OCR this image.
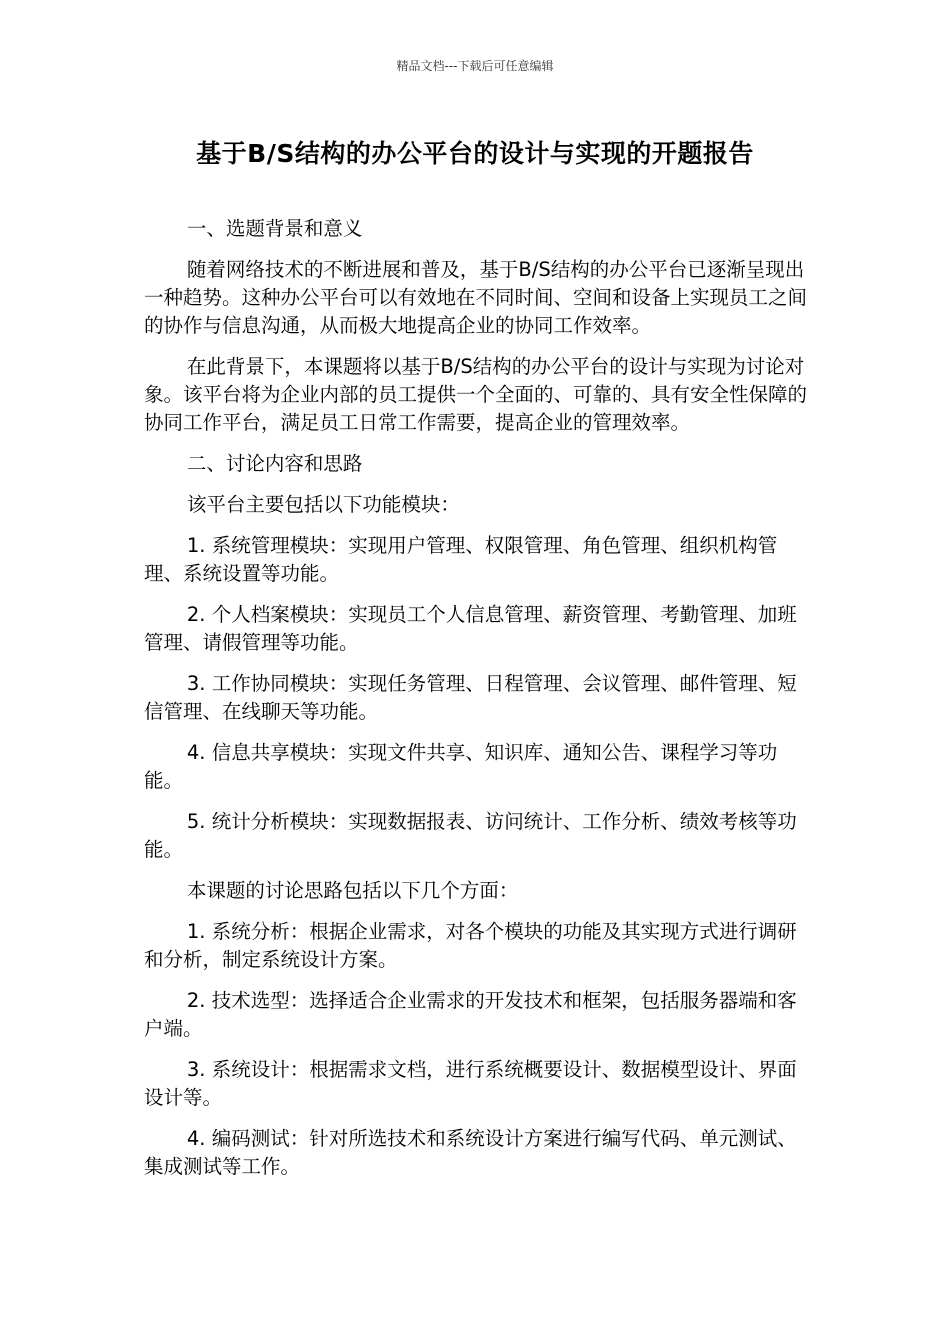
精品文档---下载后可任意编辑
基于B/S结构的办公平台的设计与实现的开题报告

一、选题背景和意义

随着网络技术的不断进展和普及，基于B/S结构的办公平台已逐渐呈现出一种趋势。这种办公平台可以有效地在不同时间、空间和设备上实现员工之间的协作与信息沟通，从而极大地提高企业的协同工作效率。

在此背景下，本课题将以基于B/S结构的办公平台的设计与实现为讨论对象。该平台将为企业内部的员工提供一个全面的、可靠的、具有安全性保障的协同工作平台，满足员工日常工作需要，提高企业的管理效率。

二、讨论内容和思路

该平台主要包括以下功能模块：

1. 系统管理模块：实现用户管理、权限管理、角色管理、组织机构管理、系统设置等功能。

2. 个人档案模块：实现员工个人信息管理、薪资管理、考勤管理、加班管理、请假管理等功能。

3. 工作协同模块：实现任务管理、日程管理、会议管理、邮件管理、短信管理、在线聊天等功能。

4. 信息共享模块：实现文件共享、知识库、通知公告、课程学习等功能。

5. 统计分析模块：实现数据报表、访问统计、工作分析、绩效考核等功能。

本课题的讨论思路包括以下几个方面：

1. 系统分析：根据企业需求，对各个模块的功能及其实现方式进行调研和分析，制定系统设计方案。

2. 技术选型：选择适合企业需求的开发技术和框架，包括服务器端和客户端。

3. 系统设计：根据需求文档，进行系统概要设计、数据模型设计、界面设计等。

4. 编码测试：针对所选技术和系统设计方案进行编写代码、单元测试、集成测试等工作。
